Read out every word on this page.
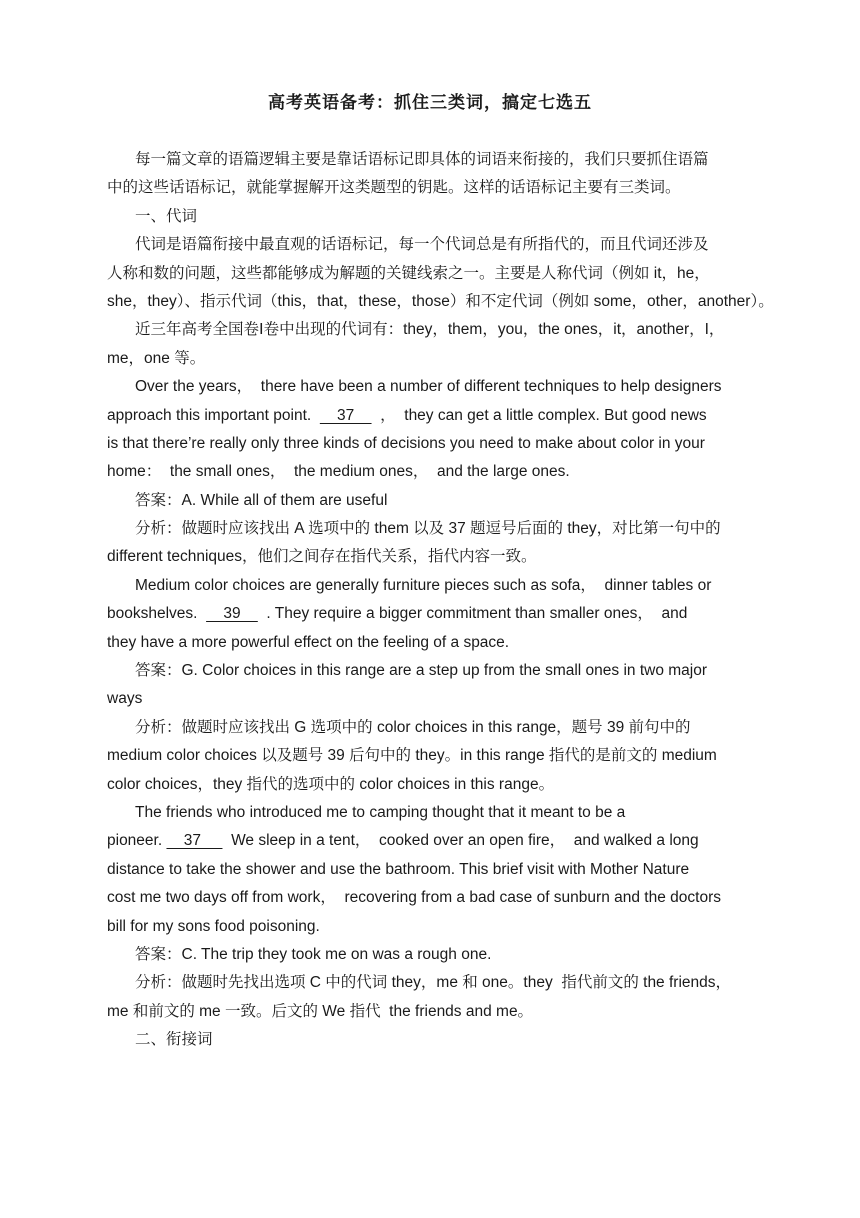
高考英语备考：抓住三类词，搞定七选五
每一篇文章的语篇逻辑主要是靠话语标记即具体的词语来衔接的，我们只要抓住语篇
中的这些话语标记，就能掌握解开这类题型的钥匙。这样的话语标记主要有三类词。
一、代词
代词是语篇衔接中最直观的话语标记，每一个代词总是有所指代的，而且代词还涉及
人称和数的问题，这些都能够成为解题的关键线索之一。主要是人称代词（例如 it，he，
she，they）、指示代词（this，that，these，those）和不定代词（例如 some，other，another）。
近三年高考全国卷Ⅰ卷中出现的代词有：they，them，you，the ones，it，another，I，
me，one 等。
Over the years，  there have been a number of different techniques to help designers
approach this important point.      37      ，  they can get a little complex. But good news
is that there’re really only three kinds of decisions you need to make about color in your
home：  the small ones，  the medium ones，  and the large ones.
答案：A. While all of them are useful
分析：做题时应该找出 A 选项中的 them 以及 37 题逗号后面的 they，对比第一句中的
different techniques，他们之间存在指代关系，指代内容一致。
Medium color choices are generally furniture pieces such as sofa，  dinner tables or
bookshelves.      39      . They require a bigger commitment than smaller ones，  and
they have a more powerful effect on the feeling of a space.
答案：G. Color choices in this range are a step up from the small ones in two major
ways
分析：做题时应该找出 G 选项中的 color choices in this range，题号 39 前句中的
medium color choices 以及题号 39 后句中的 they。in this range 指代的是前文的 medium
color choices，they 指代的选项中的 color choices in this range。
The friends who introduced me to camping thought that it meant to be a
pioneer.     37       We sleep in a tent，  cooked over an open fire，  and walked a long
distance to take the shower and use the bathroom. This brief visit with Mother Nature
cost me two days off from work，  recovering from a bad case of sunburn and the doctors
bill for my sons food poisoning.
答案：C. The trip they took me on was a rough one.
分析：做题时先找出选项 C 中的代词 they，me 和 one。they  指代前文的 the friends，
me 和前文的 me 一致。后文的 We 指代  the friends and me。
二、衔接词
